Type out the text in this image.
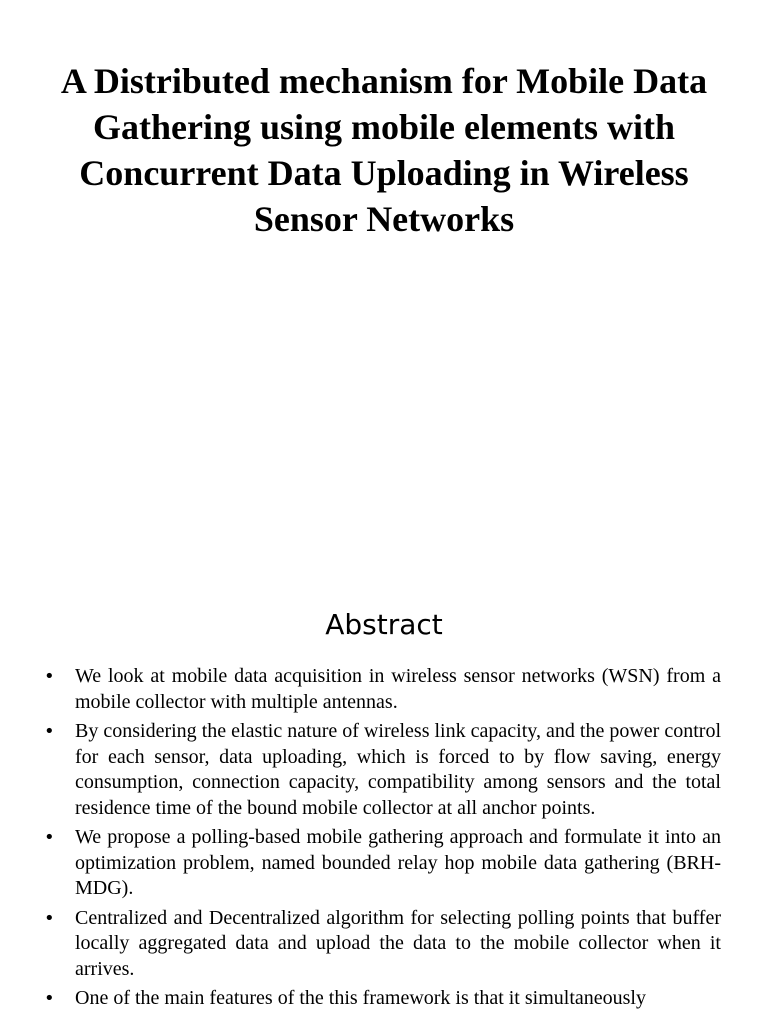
A Distributed mechanism for Mobile Data Gathering using mobile elements with Concurrent Data Uploading in Wireless Sensor Networks
Abstract
• We look at mobile data acquisition in wireless sensor networks (WSN) from a mobile collector with multiple antennas.
• By considering the elastic nature of wireless link capacity, and the power control for each sensor, data uploading, which is forced to by flow saving, energy consumption, connection capacity, compatibility among sensors and the total residence time of the bound mobile collector at all anchor points.
• We propose a polling-based mobile gathering approach and formulate it into an optimization problem, named bounded relay hop mobile data gathering (BRH-MDG).
• Centralized and Decentralized algorithm for selecting polling points that buffer locally aggregated data and upload the data to the mobile collector when it arrives.
• One of the main features of the this framework is that it simultaneously
